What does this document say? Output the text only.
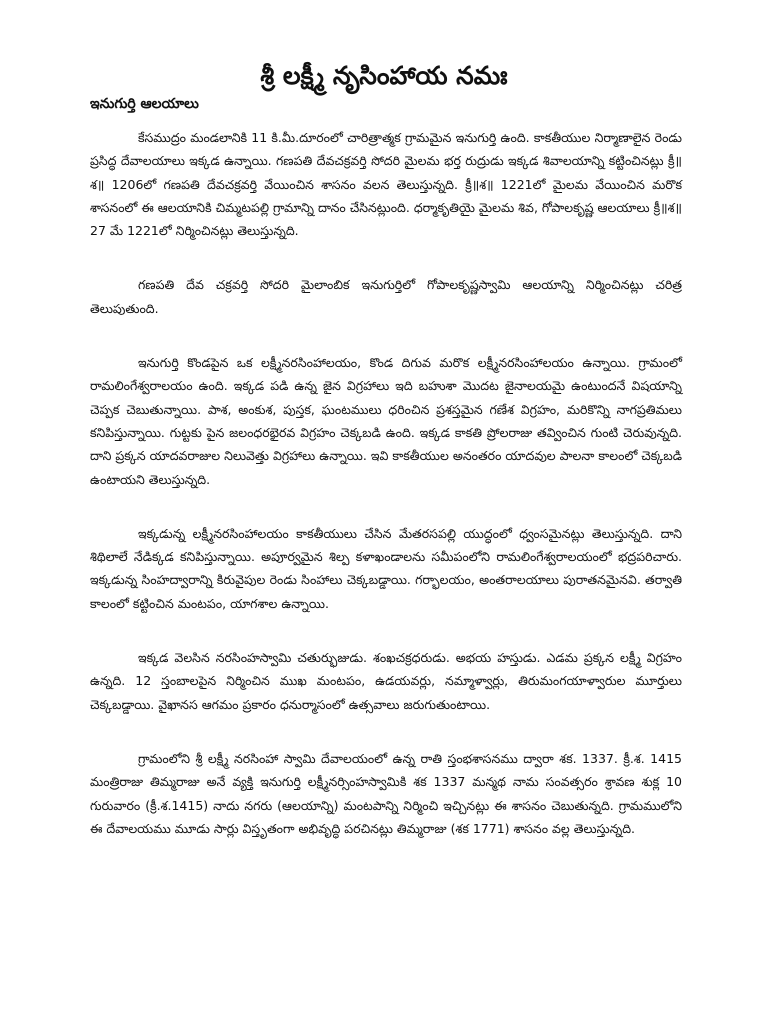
శ్రీ లక్ష్మీ నృసింహాయ నమః
ఇనుగుర్తి ఆలయాలు

కేసముద్రం మండలానికి 11 కి.మీ.దూరంలో చారిత్రాత్మక గ్రామమైన ఇనుగుర్తి ఉంది. కాకతీయుల నిర్మాణాలైన రెండు ప్రసిద్ధ దేవాలయాలు ఇక్కడ ఉన్నాయి. గణపతి దేవచక్రవర్తి సోదరి మైలమ భర్త రుద్రుడు ఇక్కడ శివాలయాన్ని కట్టించినట్లు క్రీ॥శ॥ 1206లో గణపతి దేవచక్రవర్తి వేయించిన శాసనం వలన తెలుస్తున్నది. క్రీ॥శ॥ 1221లో మైలమ వేయించిన మరొక శాసనంలో ఈ ఆలయానికి చిమ్మటపల్లి గ్రామాన్ని దానం చేసినట్లుంది. ధర్మాకృతియై మైలమ శివ, గోపాలకృష్ణ ఆలయాలు క్రీ॥శ॥ 27 మే 1221లో నిర్మించినట్లు తెలుస్తున్నది.

గణపతి దేవ చక్రవర్తి సోదరి మైలాంబిక ఇనుగుర్తిలో గోపాలకృష్ణస్వామి ఆలయాన్ని నిర్మించినట్లు చరిత్ర తెలుపుతుంది.

ఇనుగుర్తి కొండపైన ఒక లక్ష్మీనరసింహాలయం, కొండ దిగువ మరొక లక్ష్మీనరసింహాలయం ఉన్నాయి. గ్రామంలో రామలింగేశ్వరాలయం ఉంది. ఇక్కడ పడి ఉన్న జైన విగ్రహాలు ఇది బహుశా మొదట జైనాలయమై ఉంటుందనే విషయాన్ని చెప్పక చెబుతున్నాయి. పాశ, అంకుశ, పుస్తక, ఘంటములు ధరించిన ప్రశస్తమైన గణేశ విగ్రహం, మరికొన్ని నాగప్రతిమలు కనిపిస్తున్నాయి. గుట్టకు పైన జలంధరభైరవ విగ్రహం చెక్కబడి ఉంది. ఇక్కడ కాకతి ప్రోలరాజు తవ్వించిన గుంటి చెరువున్నది. దాని ప్రక్కన యాదవరాజుల నిలువెత్తు విగ్రహాలు ఉన్నాయి. ఇవి కాకతీయుల అనంతరం యాదవుల పాలనా కాలంలో చెక్కబడి ఉంటాయని తెలుస్తున్నది.

ఇక్కడున్న లక్ష్మీనరసింహాలయం కాకతీయులు చేసిన మేతరసపల్లి యుద్ధంలో ధ్వంసమైనట్లు తెలుస్తున్నది. దాని శిథిలాలే నేడిక్కడ కనిపిస్తున్నాయి. అపూర్వమైన శిల్ప కళాఖండాలను సమీపంలోని రామలింగేశ్వరాలయంలో భద్రపరిచారు. ఇక్కడున్న సింహద్వారాన్ని కిరువైపుల రెండు సింహాలు చెక్కబడ్డాయి. గర్భాలయం, అంతరాలయాలు పురాతనమైనవి. తర్వాతి కాలంలో కట్టించిన మంటపం, యాగశాల ఉన్నాయి.

ఇక్కడ వెలసిన నరసింహస్వామి చతుర్భుజుడు. శంఖచక్రధరుడు. అభయ హస్తుడు. ఎడమ ప్రక్కన లక్ష్మీ విగ్రహం ఉన్నది. 12 స్తంబాలపైన నిర్మించిన ముఖ మంటపం, ఉడయవర్లు, నమ్మాళ్వార్లు, తిరుమంగయాళ్వారుల మూర్తులు చెక్కబడ్డాయి. వైఖానస ఆగమం ప్రకారం ధనుర్మాసంలో ఉత్సవాలు జరుగుతుంటాయి.

గ్రామంలోని శ్రీ లక్ష్మీ నరసింహా స్వామి దేవాలయంలో ఉన్న రాతి స్తంభశాసనము ద్వారా శక. 1337. క్రీ.శ. 1415 మంత్రిరాజు తిమ్మరాజు అనే వ్యక్తి ఇనుగుర్తి లక్ష్మీనర్సింహస్వామికి శక 1337 మన్మథ నామ సంవత్సరం శ్రావణ శుక్ల 10 గురువారం (క్రీ.శ.1415) నాదు నగరు (ఆలయాన్ని) మంటపాన్ని నిర్మించి ఇచ్చినట్లు ఈ శాసనం చెబుతున్నది. గ్రామములోని ఈ దేవాలయము మూడు సార్లు విస్తృతంగా అభివృద్ధి పరచినట్లు తిమ్మరాజు (శక 1771) శాసనం వల్ల తెలుస్తున్నది.
